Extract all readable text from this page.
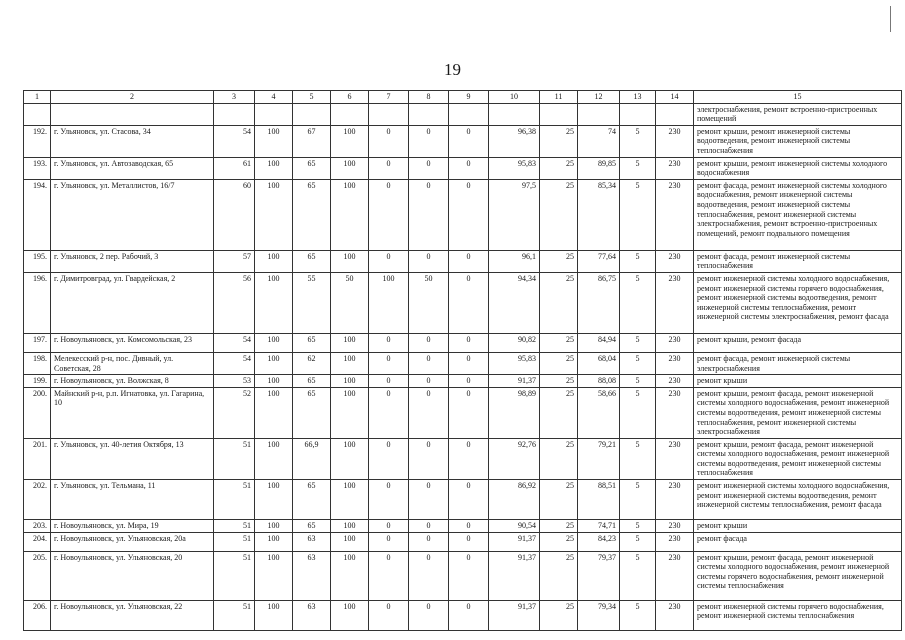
19
1	2	3	4	5	6	7	8	9	10	11	12	13	14	15
														электроснабжения, ремонт встроенно-пристроенных помещений
192.	г. Ульяновск, ул. Стасова, 34	54	100	67	100	0	0	0	96,38	25	74	5	230	ремонт крыши, ремонт инженерной системы водоотведения, ремонт инженерной системы теплоснабжения
193.	г. Ульяновск, ул. Автозаводская, 65	61	100	65	100	0	0	0	95,83	25	89,85	5	230	ремонт крыши, ремонт инженерной системы холодного водоснабжения
194.	г. Ульяновск, ул. Металлистов, 16/7	60	100	65	100	0	0	0	97,5	25	85,34	5	230	ремонт фасада, ремонт инженерной системы холодного водоснабжения, ремонт инженерной системы водоотведения, ремонт инженерной системы теплоснабжения, ремонт инженерной системы электроснабжения, ремонт встроенно-пристроенных помещений, ремонт подвального помещения
195.	г. Ульяновск, 2 пер. Рабочий, 3	57	100	65	100	0	0	0	96,1	25	77,64	5	230	ремонт фасада, ремонт инженерной системы теплоснабжения
196.	г. Димитровград, ул. Гвардейская, 2	56	100	55	50	100	50	0	94,34	25	86,75	5	230	ремонт инженерной системы холодного водоснабжения, ремонт инженерной системы горячего водоснабжения, ремонт инженерной системы водоотведения, ремонт инженерной системы теплоснабжения, ремонт инженерной системы электроснабжения, ремонт фасада
197.	г. Новоульяновск, ул. Комсомольская, 23	54	100	65	100	0	0	0	90,82	25	84,94	5	230	ремонт крыши, ремонт фасада
198.	Мелекесский р-н, пос. Дивный, ул. Советская, 28	54	100	62	100	0	0	0	95,83	25	68,04	5	230	ремонт фасада, ремонт инженерной системы электроснабжения
199.	г. Новоульяновск, ул. Волжская, 8	53	100	65	100	0	0	0	91,37	25	88,08	5	230	ремонт крыши
200.	Майнский р-н, р.п. Игнатовка, ул. Гагарина, 10	52	100	65	100	0	0	0	98,89	25	58,66	5	230	ремонт крыши, ремонт фасада, ремонт инженерной системы холодного водоснабжения, ремонт инженерной системы водоотведения, ремонт инженерной системы теплоснабжения, ремонт инженерной системы электроснабжения
201.	г. Ульяновск, ул. 40-летия Октября, 13	51	100	66,9	100	0	0	0	92,76	25	79,21	5	230	ремонт крыши, ремонт фасада, ремонт инженерной системы холодного водоснабжения, ремонт инженерной системы водоотведения, ремонт инженерной системы теплоснабжения
202.	г. Ульяновск, ул. Тельмана, 11	51	100	65	100	0	0	0	86,92	25	88,51	5	230	ремонт инженерной системы холодного водоснабжения, ремонт инженерной системы водоотведения, ремонт инженерной системы теплоснабжения, ремонт фасада
203.	г. Новоульяновск, ул. Мира, 19	51	100	65	100	0	0	0	90,54	25	74,71	5	230	ремонт крыши
204.	г. Новоульяновск, ул. Ульяновская, 20а	51	100	63	100	0	0	0	91,37	25	84,23	5	230	ремонт фасада
205.	г. Новоульяновск, ул. Ульяновская, 20	51	100	63	100	0	0	0	91,37	25	79,37	5	230	ремонт крыши, ремонт фасада, ремонт инженерной системы холодного водоснабжения, ремонт инженерной системы горячего водоснабжения, ремонт инженерной системы теплоснабжения
206.	г. Новоульяновск, ул. Ульяновская, 22	51	100	63	100	0	0	0	91,37	25	79,34	5	230	ремонт инженерной системы горячего водоснабжения, ремонт инженерной системы теплоснабжения
